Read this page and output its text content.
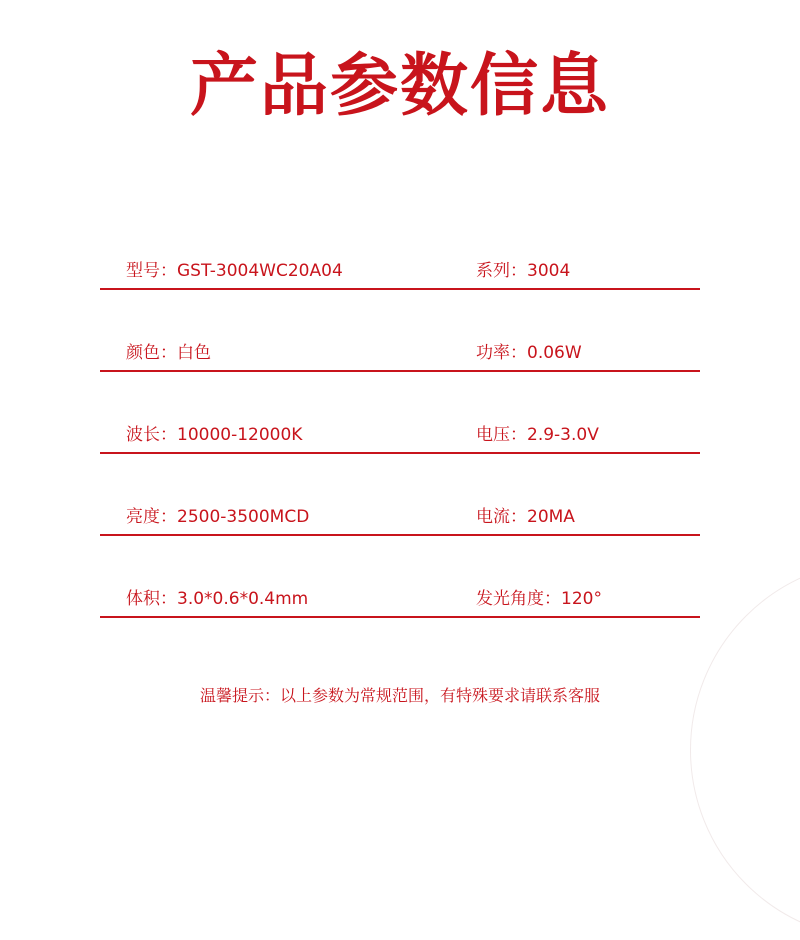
产品参数信息
型号：GST-3004WC20A04	系列：3004
颜色：白色	功率：0.06W
波长：10000-12000K	电压：2.9-3.0V
亮度：2500-3500MCD	电流：20MA
体积：3.0*0.6*0.4mm	发光角度：120°
温馨提示：以上参数为常规范围，有特殊要求请联系客服
